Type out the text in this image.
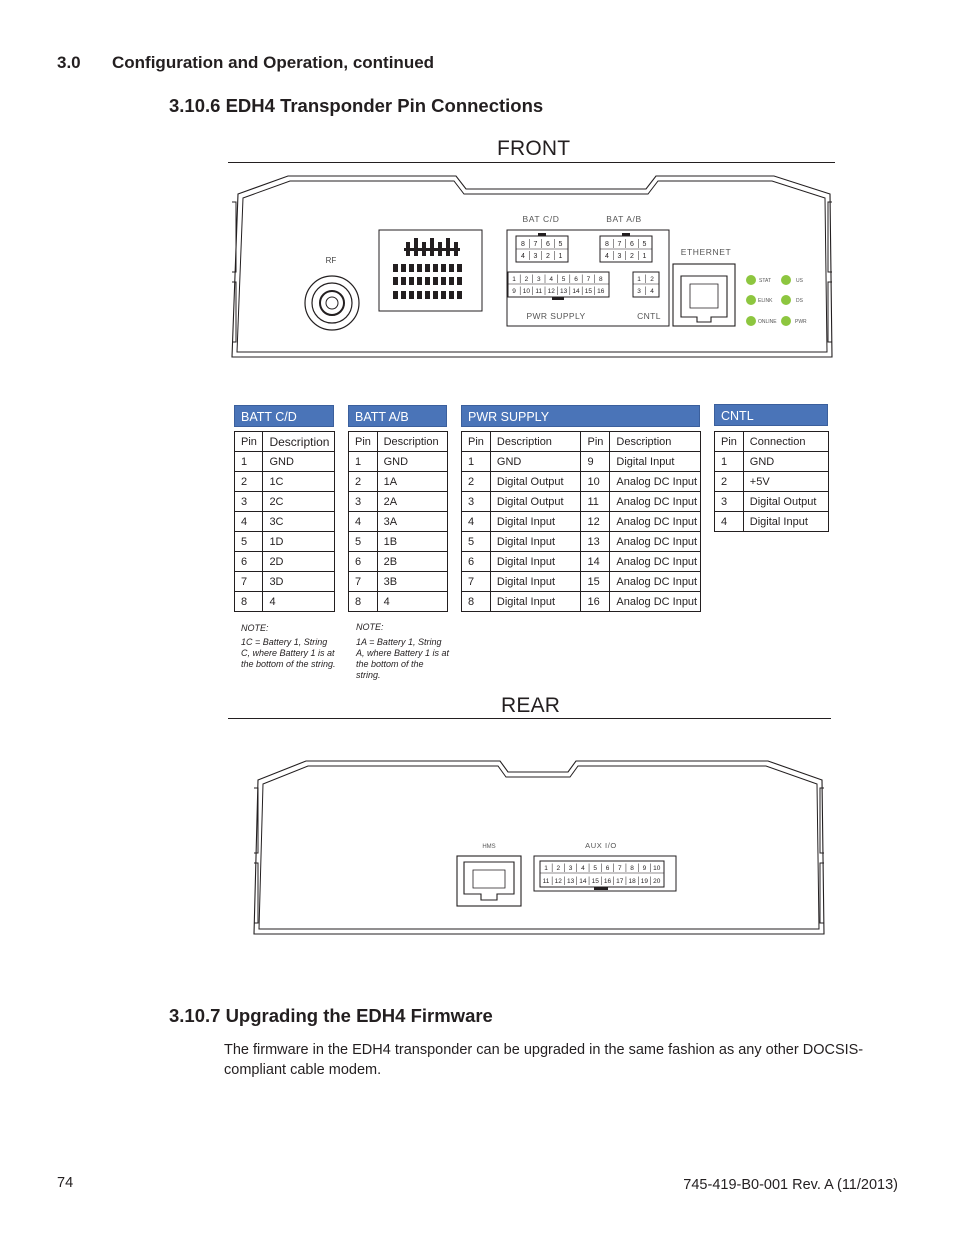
3.0 Configuration and Operation, continued
3.10.6 EDH4 Transponder Pin Connections
FRONT
RF
BAT C/D	BAT A/B
8 7 6 5
4 3 2 1
8 7 6 5
4 3 2 1
1 2 3 4 5 6 7 8
9 10 11 12 13 14 15 16
PWR SUPPLY
1 2
3 4
CNTL
ETHERNET
STAT	US
ELINK	DS
ONLINE	PWR
BATT C/D
Pin	Description
1	GND
2	1C
3	2C
4	3C
5	1D
6	2D
7	3D
8	4
NOTE:
1C = Battery 1, String C, where Battery 1 is at the bottom of the string.
BATT A/B
Pin	Description
1	GND
2	1A
3	2A
4	3A
5	1B
6	2B
7	3B
8	4
NOTE:
1A = Battery 1, String A, where Battery 1 is at the bottom of the string.
PWR SUPPLY
Pin	Description	Pin	Description
1	GND	9	Digital Input
2	Digital Output	10	Analog DC Input
3	Digital Output	11	Analog DC Input
4	Digital Input	12	Analog DC Input
5	Digital Input	13	Analog DC Input
6	Digital Input	14	Analog DC Input
7	Digital Input	15	Analog DC Input
8	Digital Input	16	Analog DC Input
CNTL
Pin	Connection
1	GND
2	+5V
3	Digital Output
4	Digital Input
REAR
HMS	AUX I/O
1 2 3 4 5 6 7 8 9 10
11 12 13 14 15 16 17 18 19 20
3.10.7 Upgrading the EDH4 Firmware
The firmware in the EDH4 transponder can be upgraded in the same fashion as any other DOCSIS-compliant cable modem.
74	745-419-B0-001 Rev. A (11/2013)
